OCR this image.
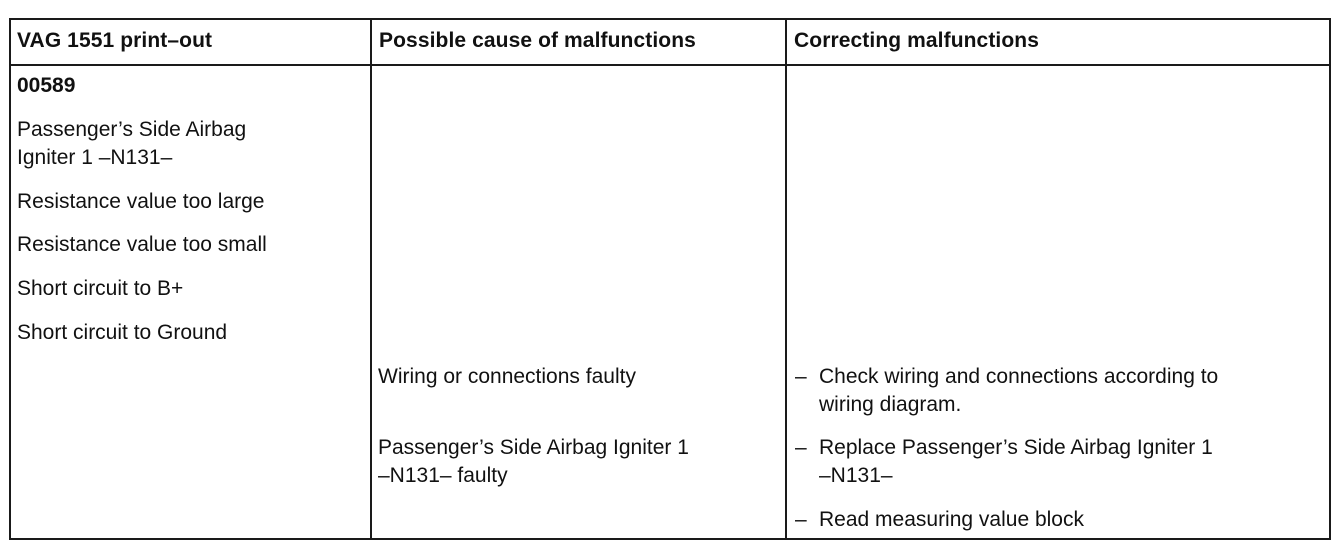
VAG 1551 print–out	Possible cause of malfunctions	Correcting malfunctions
00589
Passenger’s Side Airbag
Igniter 1 –N131–
Resistance value too large
Resistance value too small
Short circuit to B+
Short circuit to Ground
Wiring or connections faulty
Passenger’s Side Airbag Igniter 1
–N131– faulty
– Check wiring and connections according to
wiring diagram.
– Replace Passenger’s Side Airbag Igniter 1
–N131–
– Read measuring value block
